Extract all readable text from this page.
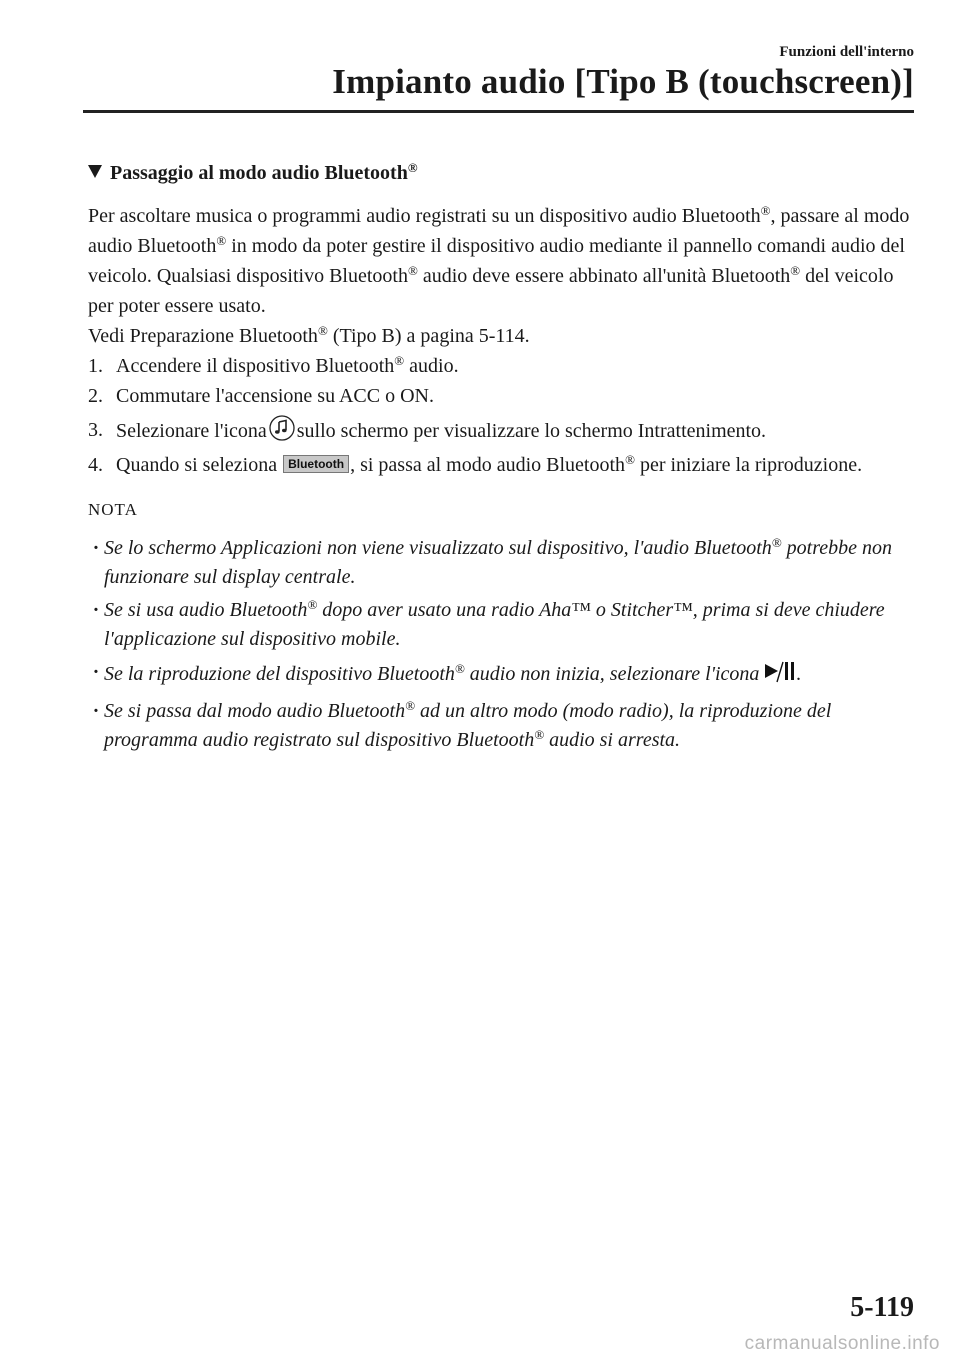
Funzioni dell'interno
Impianto audio [Tipo B (touchscreen)]
Passaggio al modo audio Bluetooth®

Per ascoltare musica o programmi audio registrati su un dispositivo audio Bluetooth®, passare al modo audio Bluetooth® in modo da poter gestire il dispositivo audio mediante il pannello comandi audio del veicolo. Qualsiasi dispositivo Bluetooth® audio deve essere abbinato all'unità Bluetooth® del veicolo per poter essere usato.

Vedi Preparazione Bluetooth® (Tipo B) a pagina 5-114.

1. Accendere il dispositivo Bluetooth® audio.
2. Commutare l'accensione su ACC o ON.
3. Selezionare l'icona sullo schermo per visualizzare lo schermo Intrattenimento.
4. Quando si seleziona Bluetooth , si passa al modo audio Bluetooth® per iniziare la riproduzione.
NOTA
· Se lo schermo Applicazioni non viene visualizzato sul dispositivo, l'audio Bluetooth® potrebbe non funzionare sul display centrale.
· Se si usa audio Bluetooth® dopo aver usato una radio Aha™ o Stitcher™, prima si deve chiudere l'applicazione sul dispositivo mobile.
· Se la riproduzione del dispositivo Bluetooth® audio non inizia, selezionare l'icona .
· Se si passa dal modo audio Bluetooth® ad un altro modo (modo radio), la riproduzione del programma audio registrato sul dispositivo Bluetooth® audio si arresta.
5-119
carmanualsonline.info
